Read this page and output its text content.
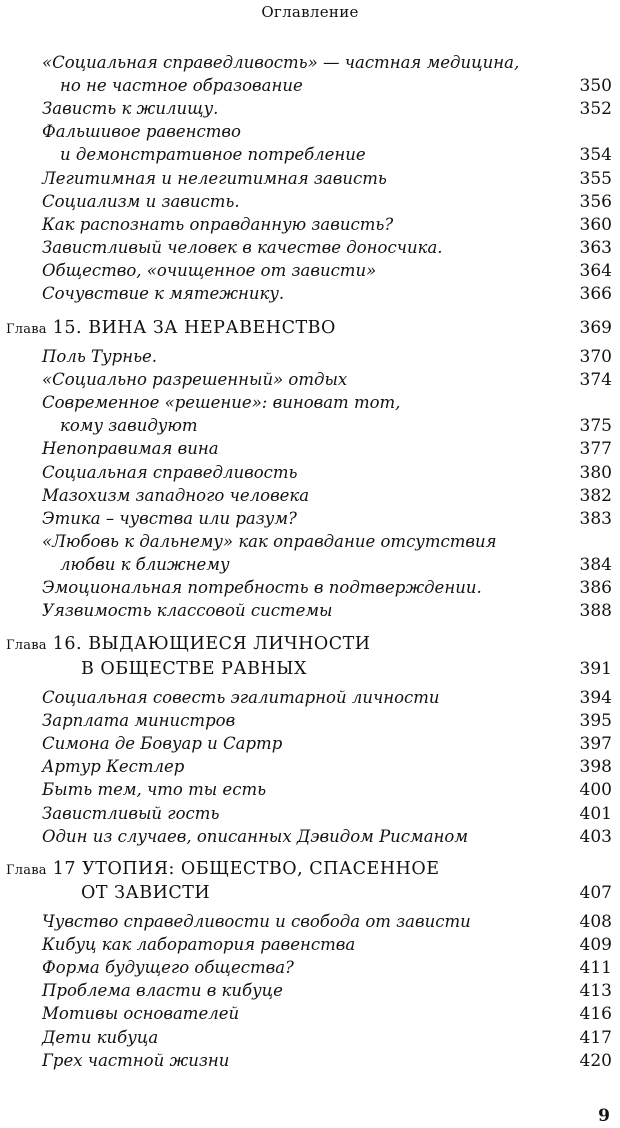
Оглавление
«Социальная справедливость» — частная медицина,
но не частное образование	350
Зависть к жилищу.	352
Фальшивое равенство
и демонстративное потребление	354
Легитимная и нелегитимная зависть	355
Социализм и зависть.	356
Как распознать оправданную зависть?	360
Завистливый человек в качестве доносчика.	363
Общество, «очищенное от зависти»	364
Сочувствие к мятежнику.	366
Глава 15. ВИНА ЗА НЕРАВЕНСТВО	369
Поль Турнье.	370
«Социально разрешенный» отдых	374
Современное «решение»: виноват тот,
кому завидуют	375
Непоправимая вина	377
Социальная справедливость	380
Мазохизм западного человека	382
Этика – чувства или разум?	383
«Любовь к дальнему» как оправдание отсутствия
любви к ближнему	384
Эмоциональная потребность в подтверждении.	386
Уязвимость классовой системы	388
Глава 16. ВЫДАЮЩИЕСЯ ЛИЧНОСТИ
В ОБЩЕСТВЕ РАВНЫХ	391
Социальная совесть эгалитарной личности	394
Зарплата министров	395
Симона де Бовуар и Сартр	397
Артур Кестлер	398
Быть тем, что ты есть	400
Завистливый гость	401
Один из случаев, описанных Дэвидом Рисманом	403
Глава 17 УТОПИЯ: ОБЩЕСТВО, СПАСЕННОЕ
ОТ ЗАВИСТИ	407
Чувство справедливости и свобода от зависти	408
Кибуц как лаборатория равенства	409
Форма будущего общества?	411
Проблема власти в кибуце	413
Мотивы основателей	416
Дети кибуца	417
Грех частной жизни	420
9
